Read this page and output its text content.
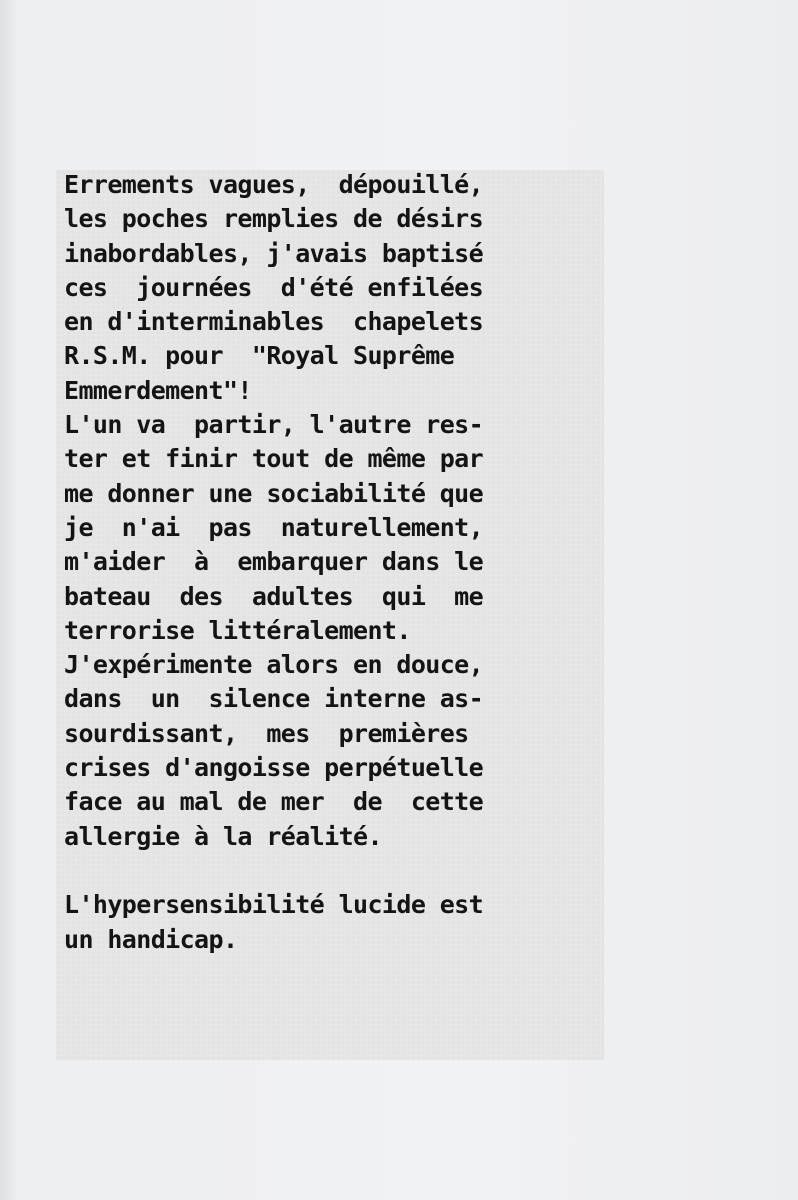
Errements vagues,  dépouillé,
les poches remplies de désirs
inabordables, j'avais baptisé
ces  journées  d'été enfilées
en d'interminables  chapelets
R.S.M. pour  "Royal Suprême
Emmerdement"!
L'un va  partir, l'autre res-
ter et finir tout de même par
me donner une sociabilité que
je  n'ai  pas  naturellement,
m'aider  à  embarquer dans le
bateau  des  adultes  qui  me
terrorise littéralement.
J'expérimente alors en douce,
dans  un  silence interne as-
sourdissant,  mes  premières
crises d'angoisse perpétuelle
face au mal de mer  de  cette
allergie à la réalité.
L'hypersensibilité lucide est
un handicap.
